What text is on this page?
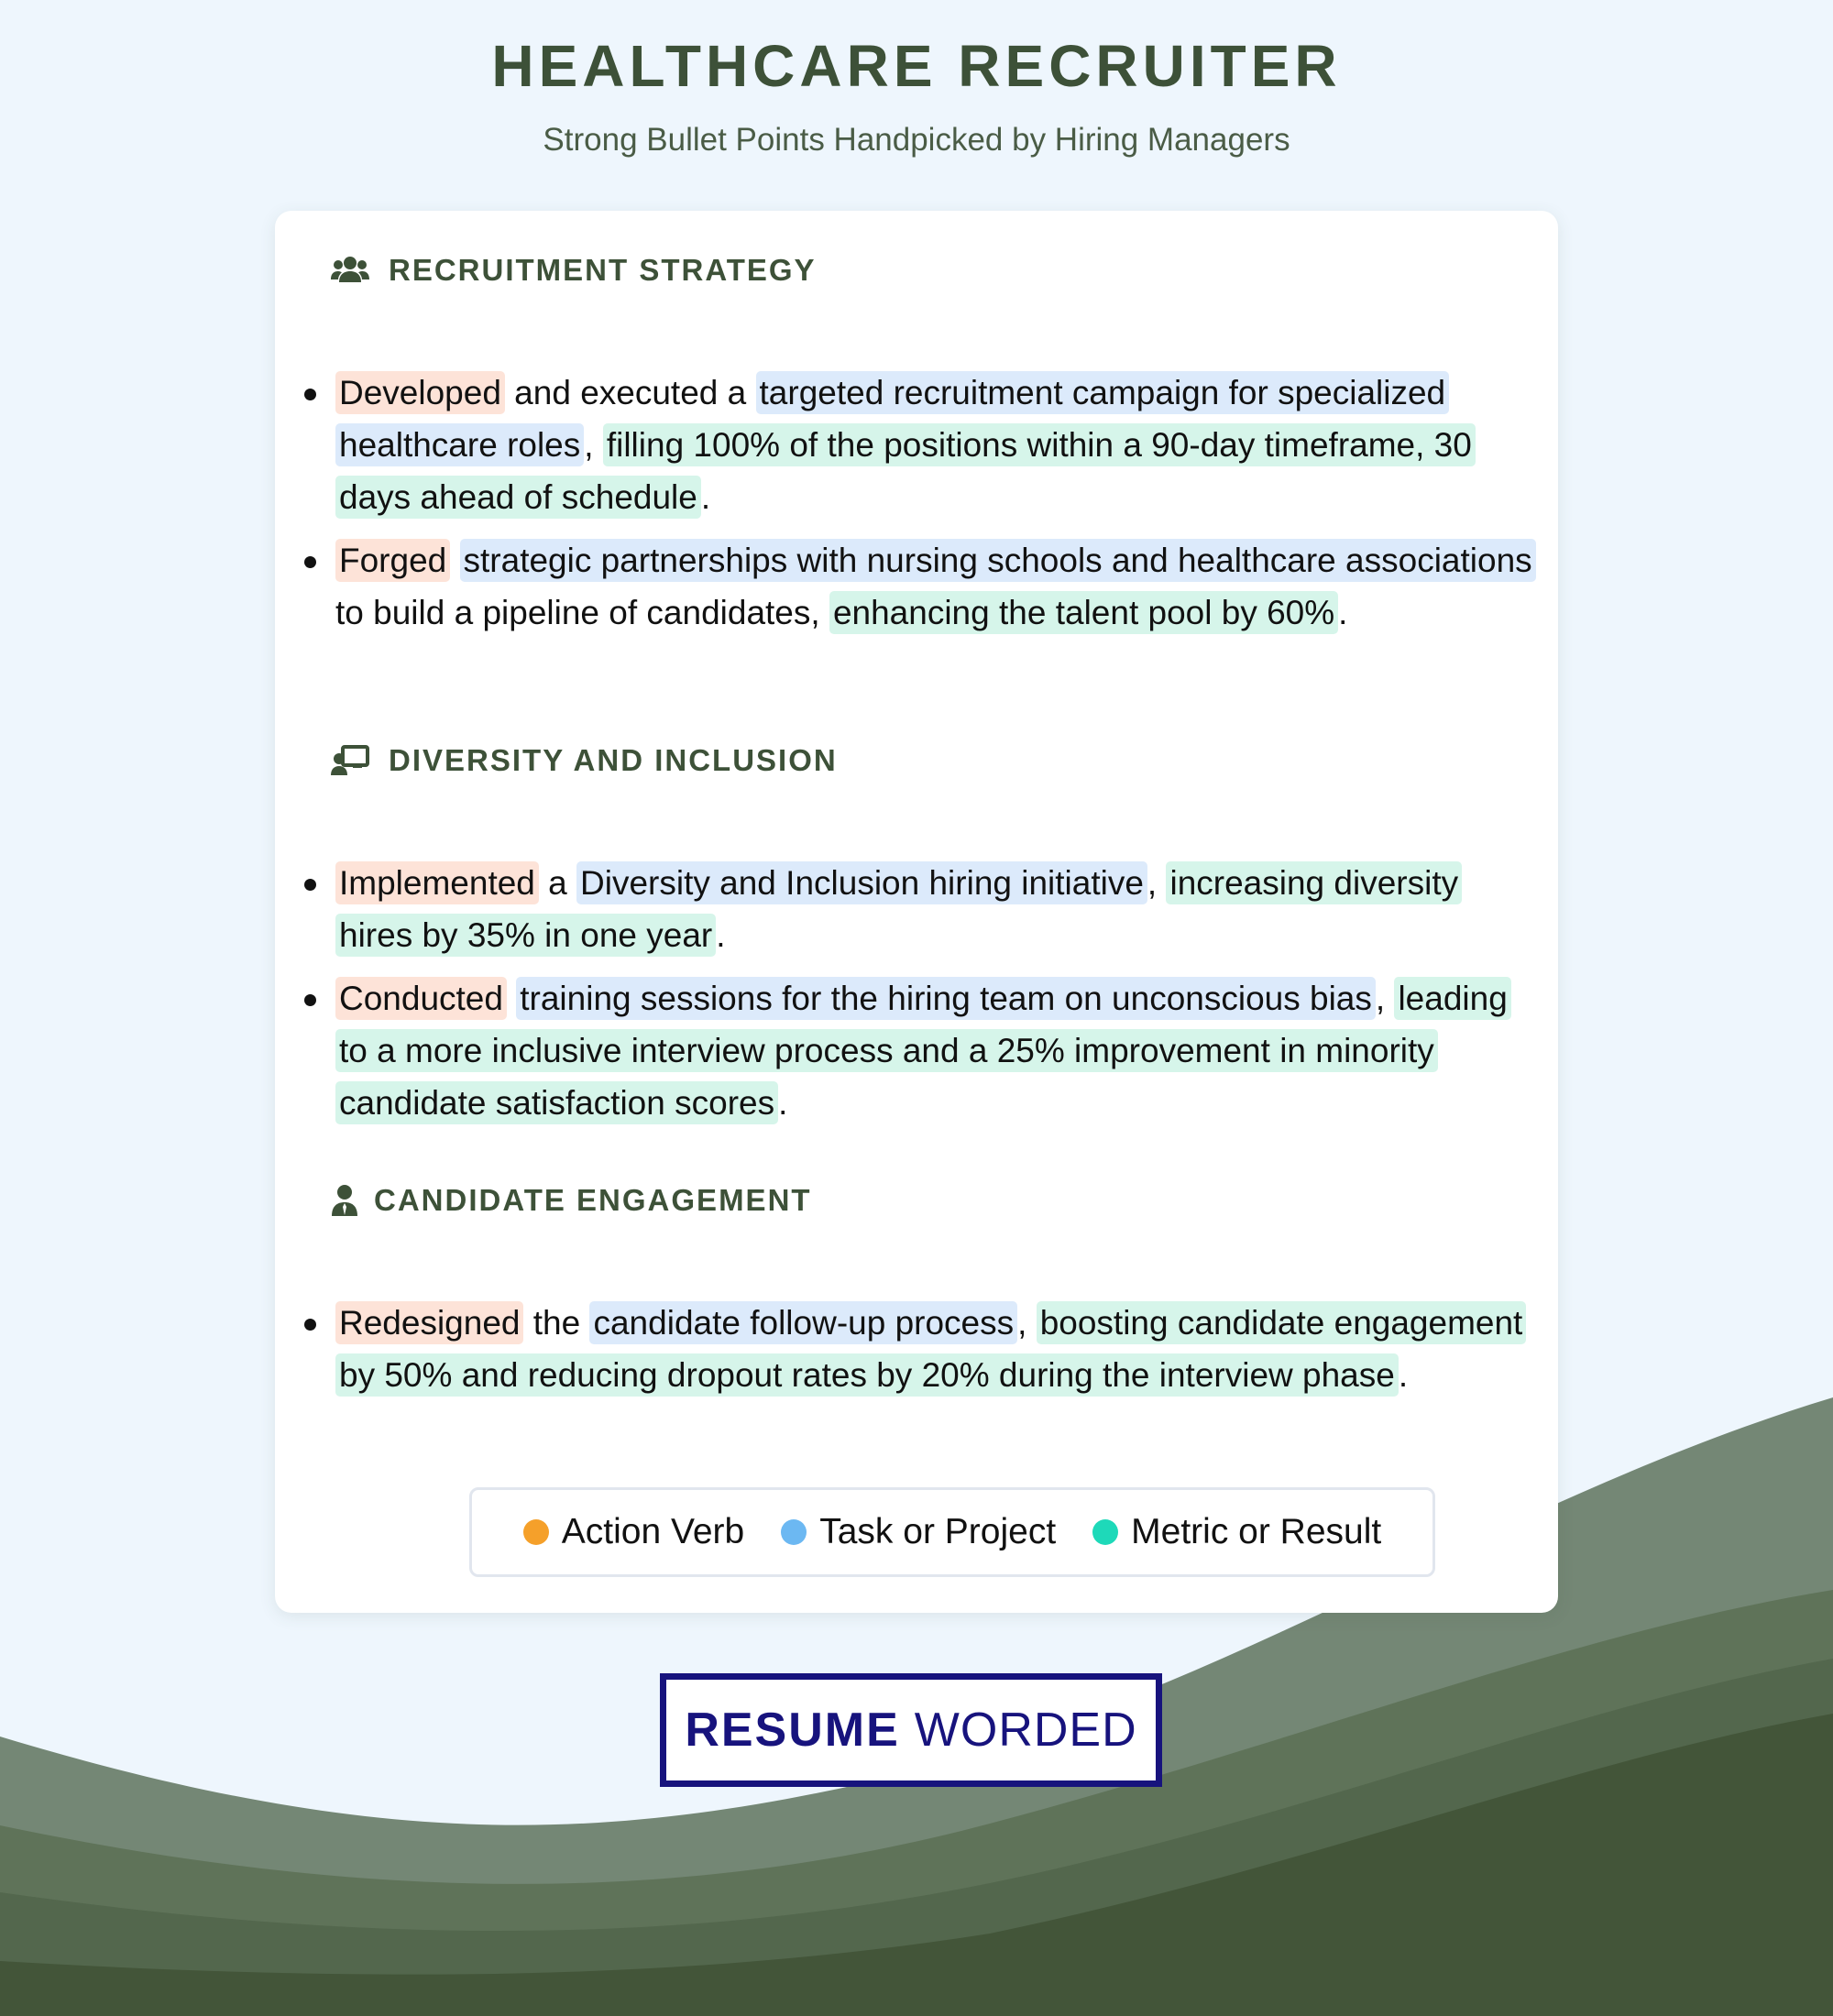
HEALTHCARE RECRUITER
Strong Bullet Points Handpicked by Hiring Managers
RECRUITMENT STRATEGY
Developed and executed a targeted recruitment campaign for specialized healthcare roles , filling 100% of the positions within a 90-day timeframe, 30 days ahead of schedule .
Forged strategic partnerships with nursing schools and healthcare associations to build a pipeline of candidates, enhancing the talent pool by 60% .
DIVERSITY AND INCLUSION
Implemented a Diversity and Inclusion hiring initiative , increasing diversity hires by 35% in one year .
Conducted training sessions for the hiring team on unconscious bias , leading to a more inclusive interview process and a 25% improvement in minority candidate satisfaction scores .
CANDIDATE ENGAGEMENT
Redesigned the candidate follow-up process , boosting candidate engagement by 50% and reducing dropout rates by 20% during the interview phase .
Action Verb Task or Project Metric or Result
RESUME WORDED
